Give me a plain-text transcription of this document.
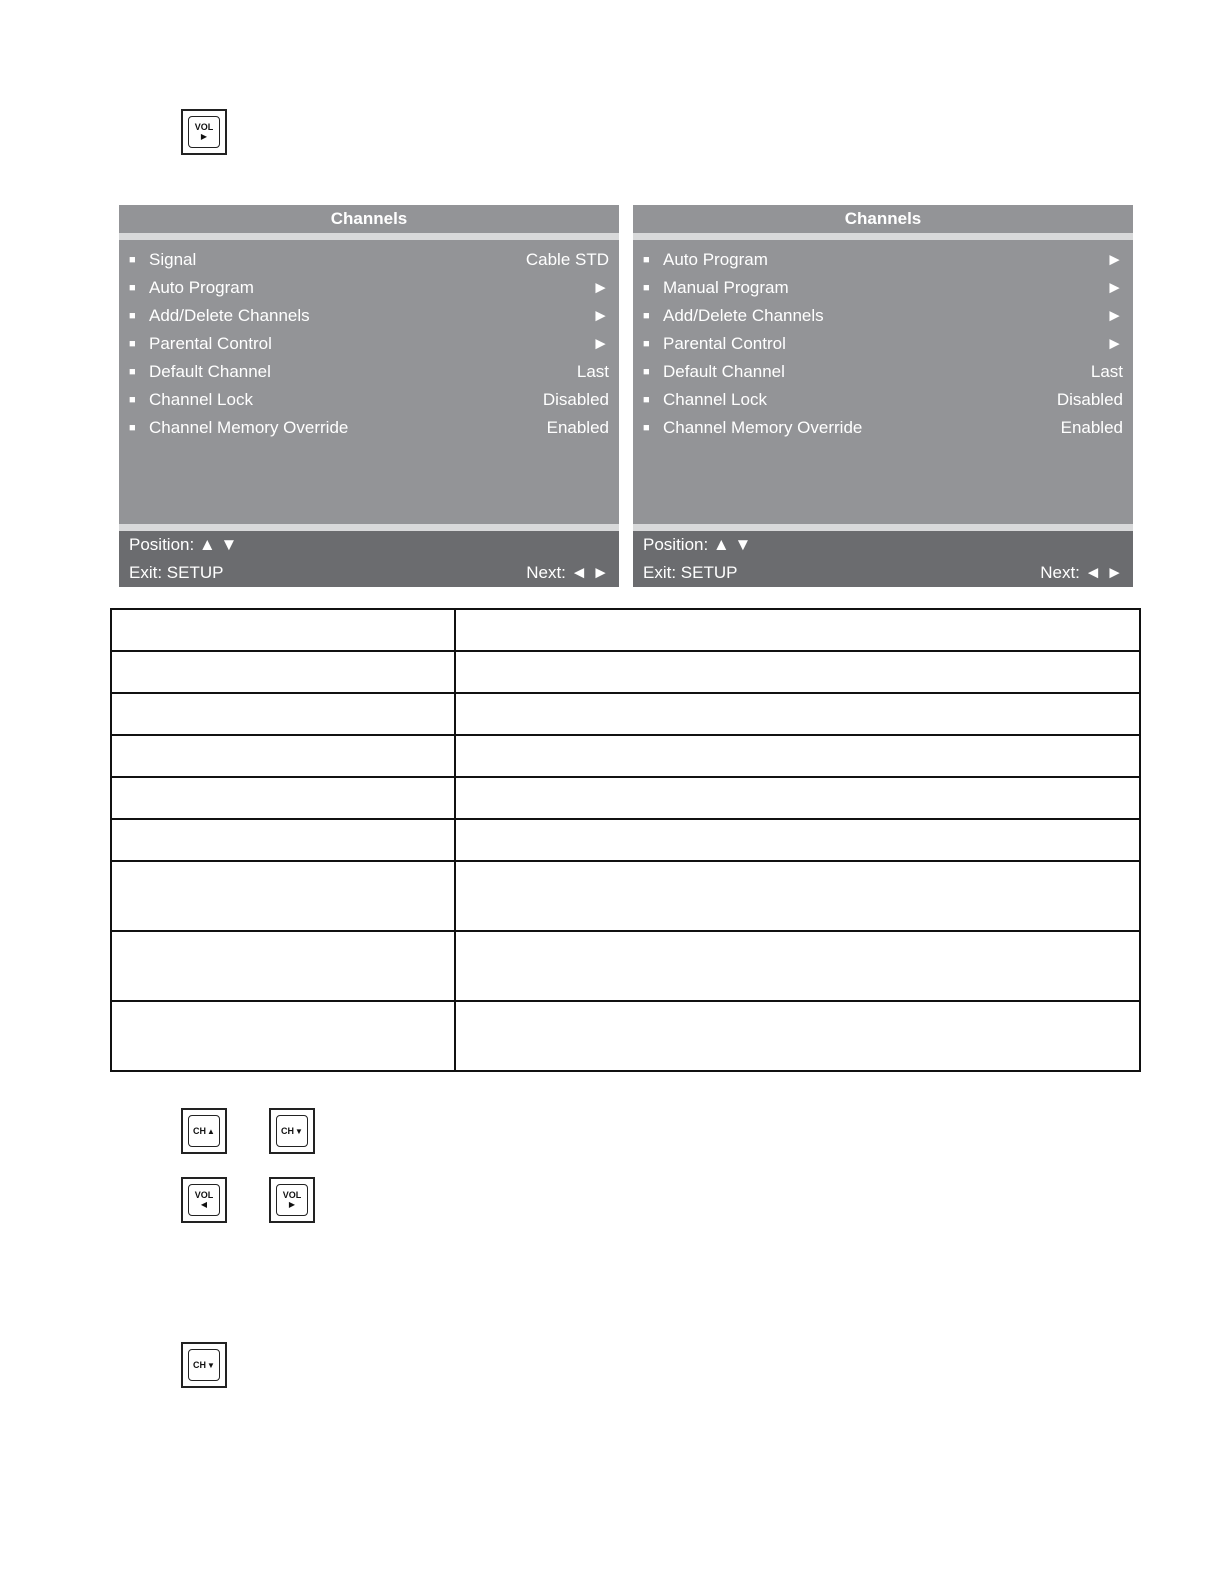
VOL
▶
Channels
■ Signal	Cable STD
■ Auto Program	►
■ Add/Delete Channels	►
■ Parental Control	►
■ Default Channel	Last
■ Channel Lock	Disabled
■ Channel Memory Override	Enabled
Position: ▲ ▼
Exit: SETUP	Next: ◄ ►
Channels
■ Auto Program	►
■ Manual Program	►
■ Add/Delete Channels	►
■ Parental Control	►
■ Default Channel	Last
■ Channel Lock	Disabled
■ Channel Memory Override	Enabled
Position: ▲ ▼
Exit: SETUP	Next: ◄ ►

CH ▲	CH ▼
VOL
◀
VOL
▶
CH ▼
